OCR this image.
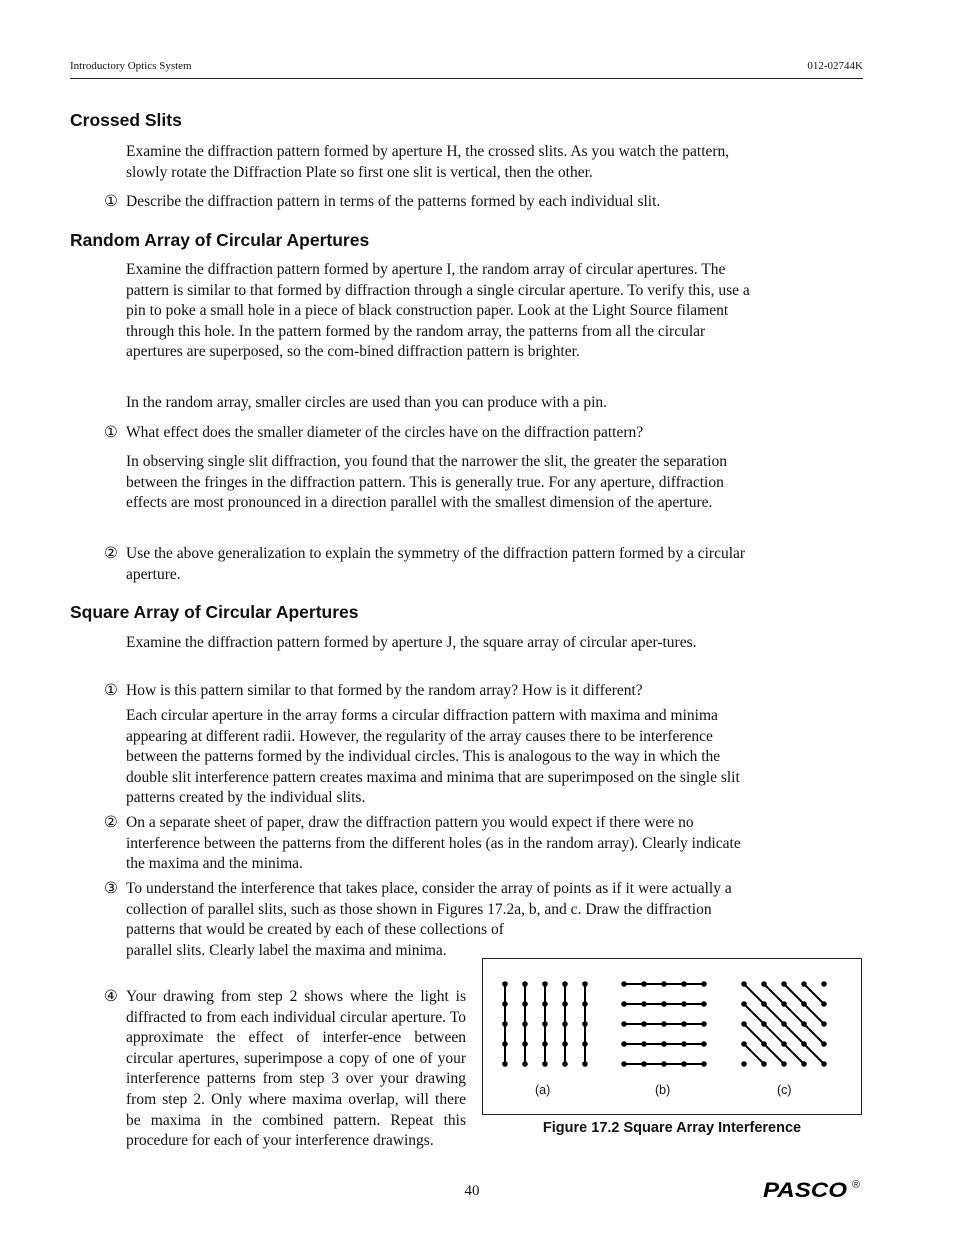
Introductory Optics System	012-02744K
Crossed Slits

Examine the diffraction pattern formed by aperture H, the crossed slits. As you watch the pattern, slowly rotate the Diffraction Plate so first one slit is vertical, then the other.

① Describe the diffraction pattern in terms of the patterns formed by each individual slit.

Random Array of Circular Apertures

Examine the diffraction pattern formed by aperture I, the random array of circular apertures. The pattern is similar to that formed by diffraction through a single circular aperture. To verify this, use a pin to poke a small hole in a piece of black construction paper. Look at the Light Source filament through this hole. In the pattern formed by the random array, the patterns from all the circular apertures are superposed, so the com-bined diffraction pattern is brighter.

In the random array, smaller circles are used than you can produce with a pin.

① What effect does the smaller diameter of the circles have on the diffraction pattern?

In observing single slit diffraction, you found that the narrower the slit, the greater the separation between the fringes in the diffraction pattern. This is generally true. For any aperture, diffraction effects are most pronounced in a direction parallel with the smallest dimension of the aperture.

② Use the above generalization to explain the symmetry of the diffraction pattern formed by a circular aperture.

Square Array of Circular Apertures

Examine the diffraction pattern formed by aperture J, the square array of circular aper-tures.

① How is this pattern similar to that formed by the random array? How is it different?

Each circular aperture in the array forms a circular diffraction pattern with maxima and minima appearing at different radii. However, the regularity of the array causes there to be interference between the patterns formed by the individual circles. This is analogous to the way in which the double slit interference pattern creates maxima and minima that are superimposed on the single slit patterns created by the individual slits.

② On a separate sheet of paper, draw the diffraction pattern you would expect if there were no interference between the patterns from the different holes (as in the random array). Clearly indicate the maxima and the minima.

③ To understand the interference that takes place, consider the array of points as if it were actually a collection of parallel slits, such as those shown in Figures 17.2a, b, and c. Draw the diffraction patterns that would be created by each of these collections of

parallel slits. Clearly label the maxima and minima.

④ Your drawing from step 2 shows where the light is diffracted to from each individual circular aperture. To approximate the effect of interfer-ence between circular apertures, superimpose a copy of one of your interference patterns from step 3 over your drawing from step 2. Only where maxima overlap, will there be maxima in the combined pattern. Repeat this procedure for each of your interference drawings.

(a)	(b)	(c)
Figure 17.2 Square Array Interference
40	PASCO ®
